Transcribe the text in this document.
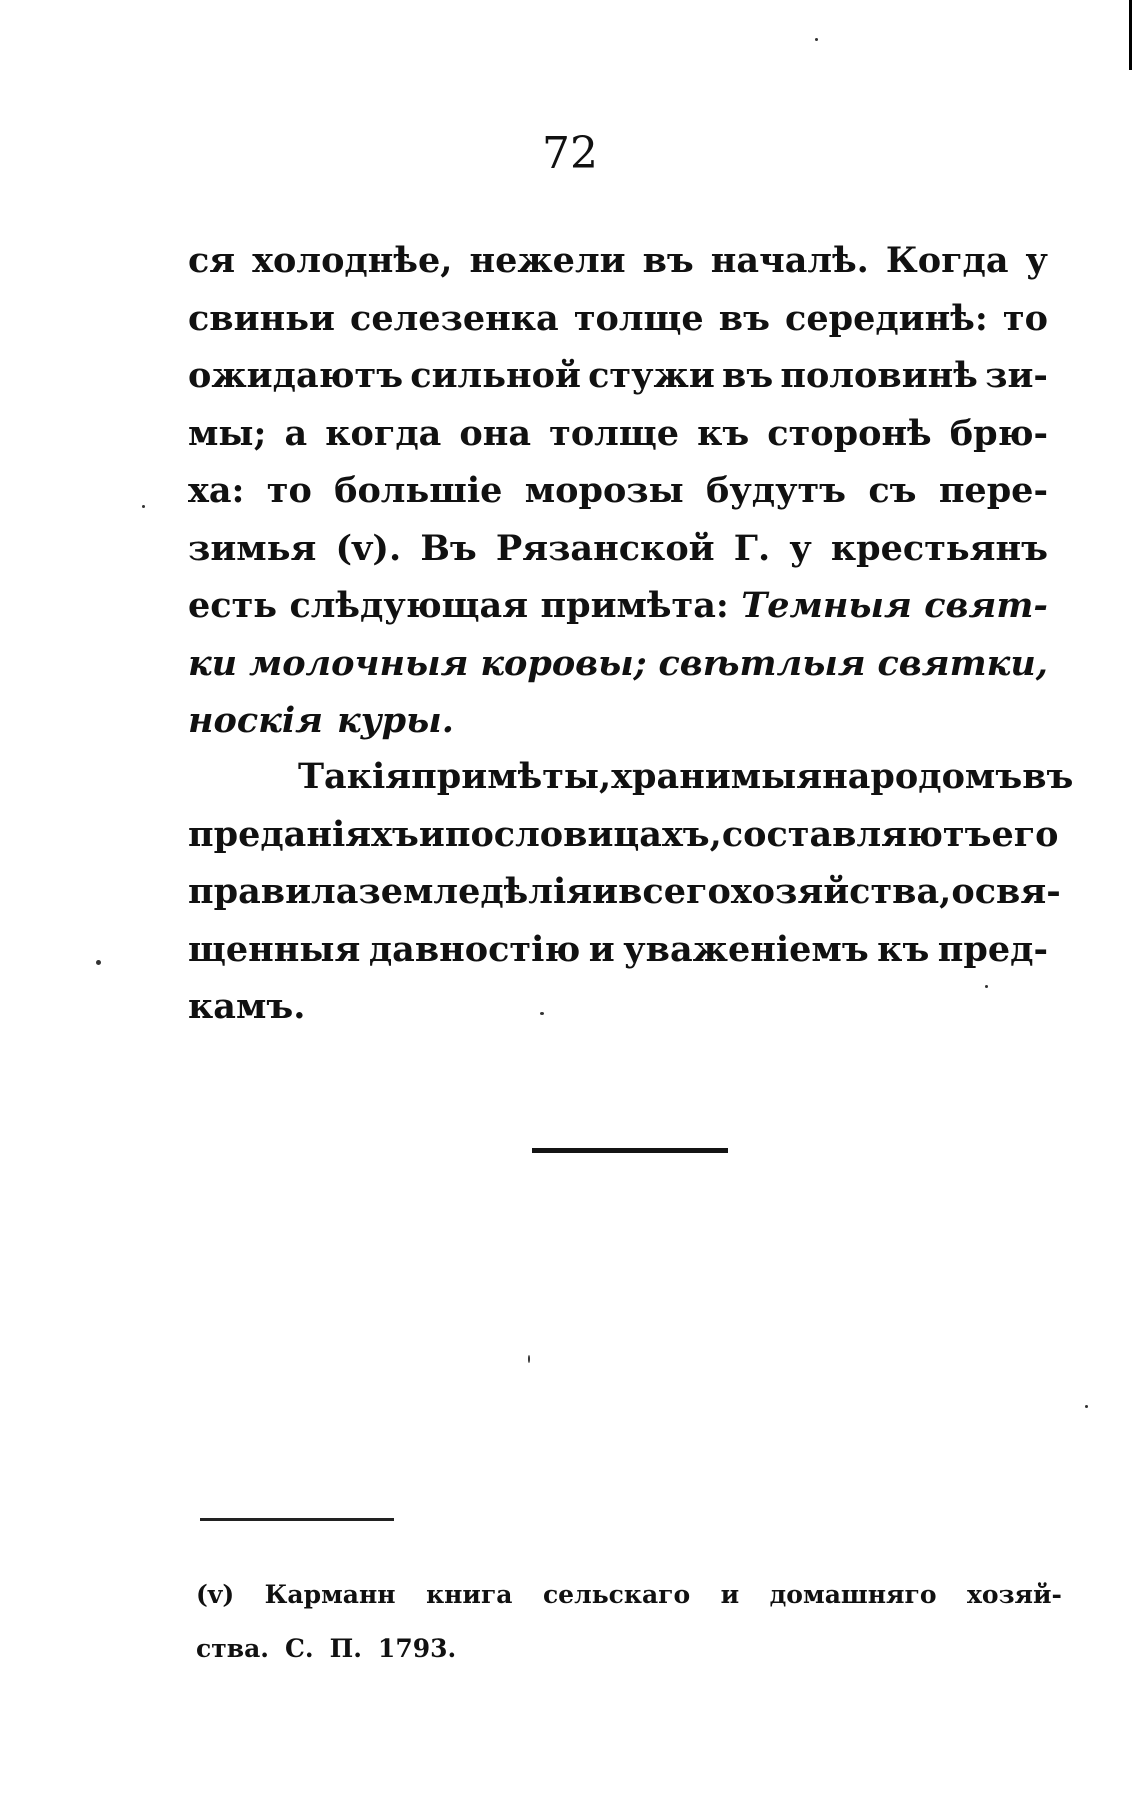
72
ся холоднѣе, нежели въ началѣ. Когда у
свиньи селезенка толще въ серединѣ: то
ожидаютъ сильной стужи въ половинѣ зи-
мы; а когда она толще къ сторонѣ брю-
ха: то большіе морозы будутъ съ пере-
зимья (v). Въ Рязанской Г. у крестьянъ
есть слѣдующая примѣта: Темныя свят-
ки молочныя коровы; свѣтлыя святки,
носкія куры.
Такія примѣты, хранимыя народомъ въ
преданіяхъ и пословицахъ, составляютъ его
правила земледѣлія и всего хозяйства, освя-
щенныя давностію и уваженіемъ къ пред-
камъ.
(v) Карманн книга сельскаго и домашняго хозяй-
ства. С. П. 1793.
